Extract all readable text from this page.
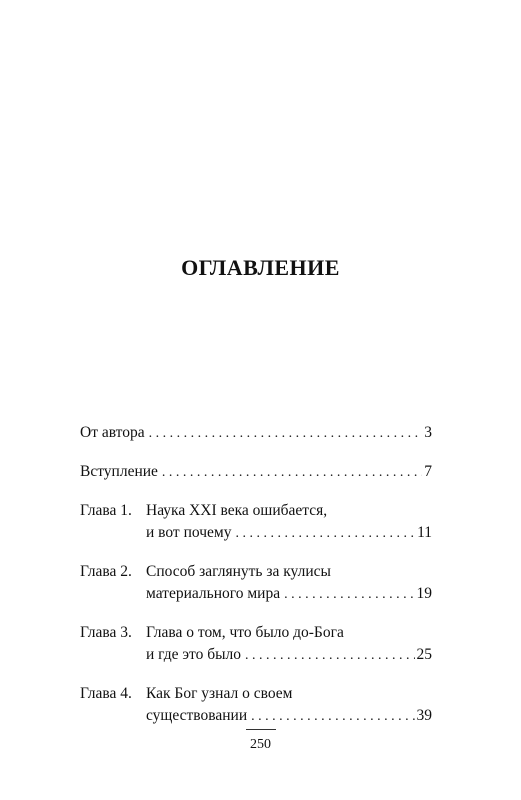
ОГЛАВЛЕНИЕ
От автора . . .	3
Вступление . . .	7
Глава 1. Наука XXI века ошибается,
и вот почему . . .	11
Глава 2. Способ заглянуть за кулисы
материального мира . . .	19
Глава 3. Глава о том, что было до-Бога
и где это было . . .	25
Глава 4. Как Бог узнал о своем
существовании . . .	39
250
